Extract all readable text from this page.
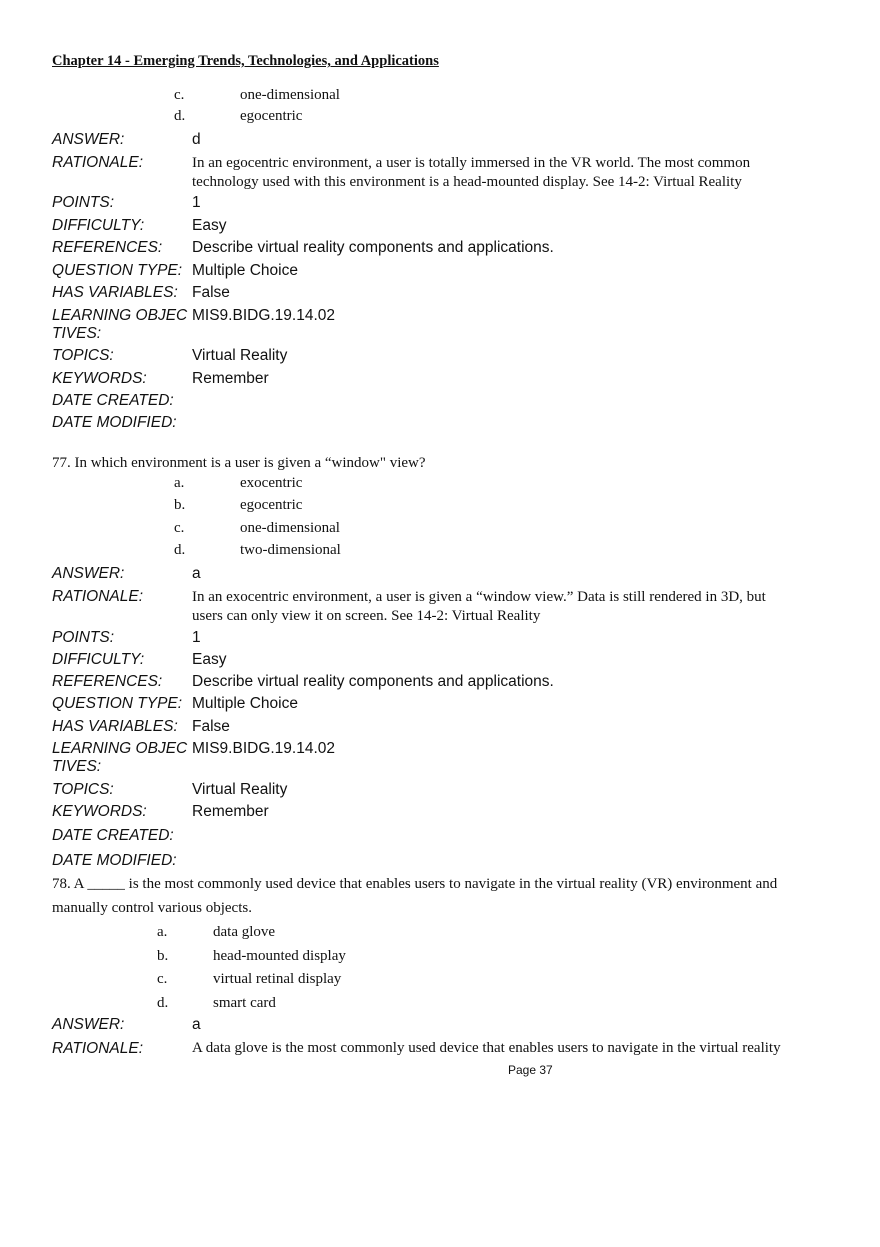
Chapter 14 - Emerging Trends, Technologies, and Applications
c.	one-dimensional
d.	egocentric
ANSWER:	d
RATIONALE:	In an egocentric environment, a user is totally immersed in the VR world. The most common technology used with this environment is a head-mounted display. See 14-2: Virtual Reality
POINTS:	1
DIFFICULTY:	Easy
REFERENCES: Describe virtual reality components and applications.
QUESTION TYPE: Multiple Choice
HAS VARIABLES: False
LEARNING OBJEC
TIVES:
MIS9.BIDG.19.14.02
TOPICS:	Virtual Reality
KEYWORDS:	Remember
DATE CREATED:
DATE MODIFIED:
77. In which environment is a user is given a “window" view?
a.	exocentric
b.	egocentric
c.	one-dimensional
d.	two-dimensional
ANSWER:	a
RATIONALE:	In an exocentric environment, a user is given a “window view.” Data is still rendered in 3D, but users can only view it on screen. See 14-2: Virtual Reality
POINTS:	1
DIFFICULTY:	Easy
REFERENCES: Describe virtual reality components and applications.
QUESTION TYPE: Multiple Choice
HAS VARIABLES: False
LEARNING OBJEC
TIVES:
MIS9.BIDG.19.14.02
TOPICS:	Virtual Reality
KEYWORDS:	Remember
DATE CREATED:
DATE MODIFIED:
78. A _____ is the most commonly used device that enables users to navigate in the virtual reality (VR) environment and manually control various objects.
a.	data glove
b.	head-mounted display
c.	virtual retinal display
d.	smart card
ANSWER:	a
RATIONALE:	A data glove is the most commonly used device that enables users to navigate in the virtual reality
Page 37
